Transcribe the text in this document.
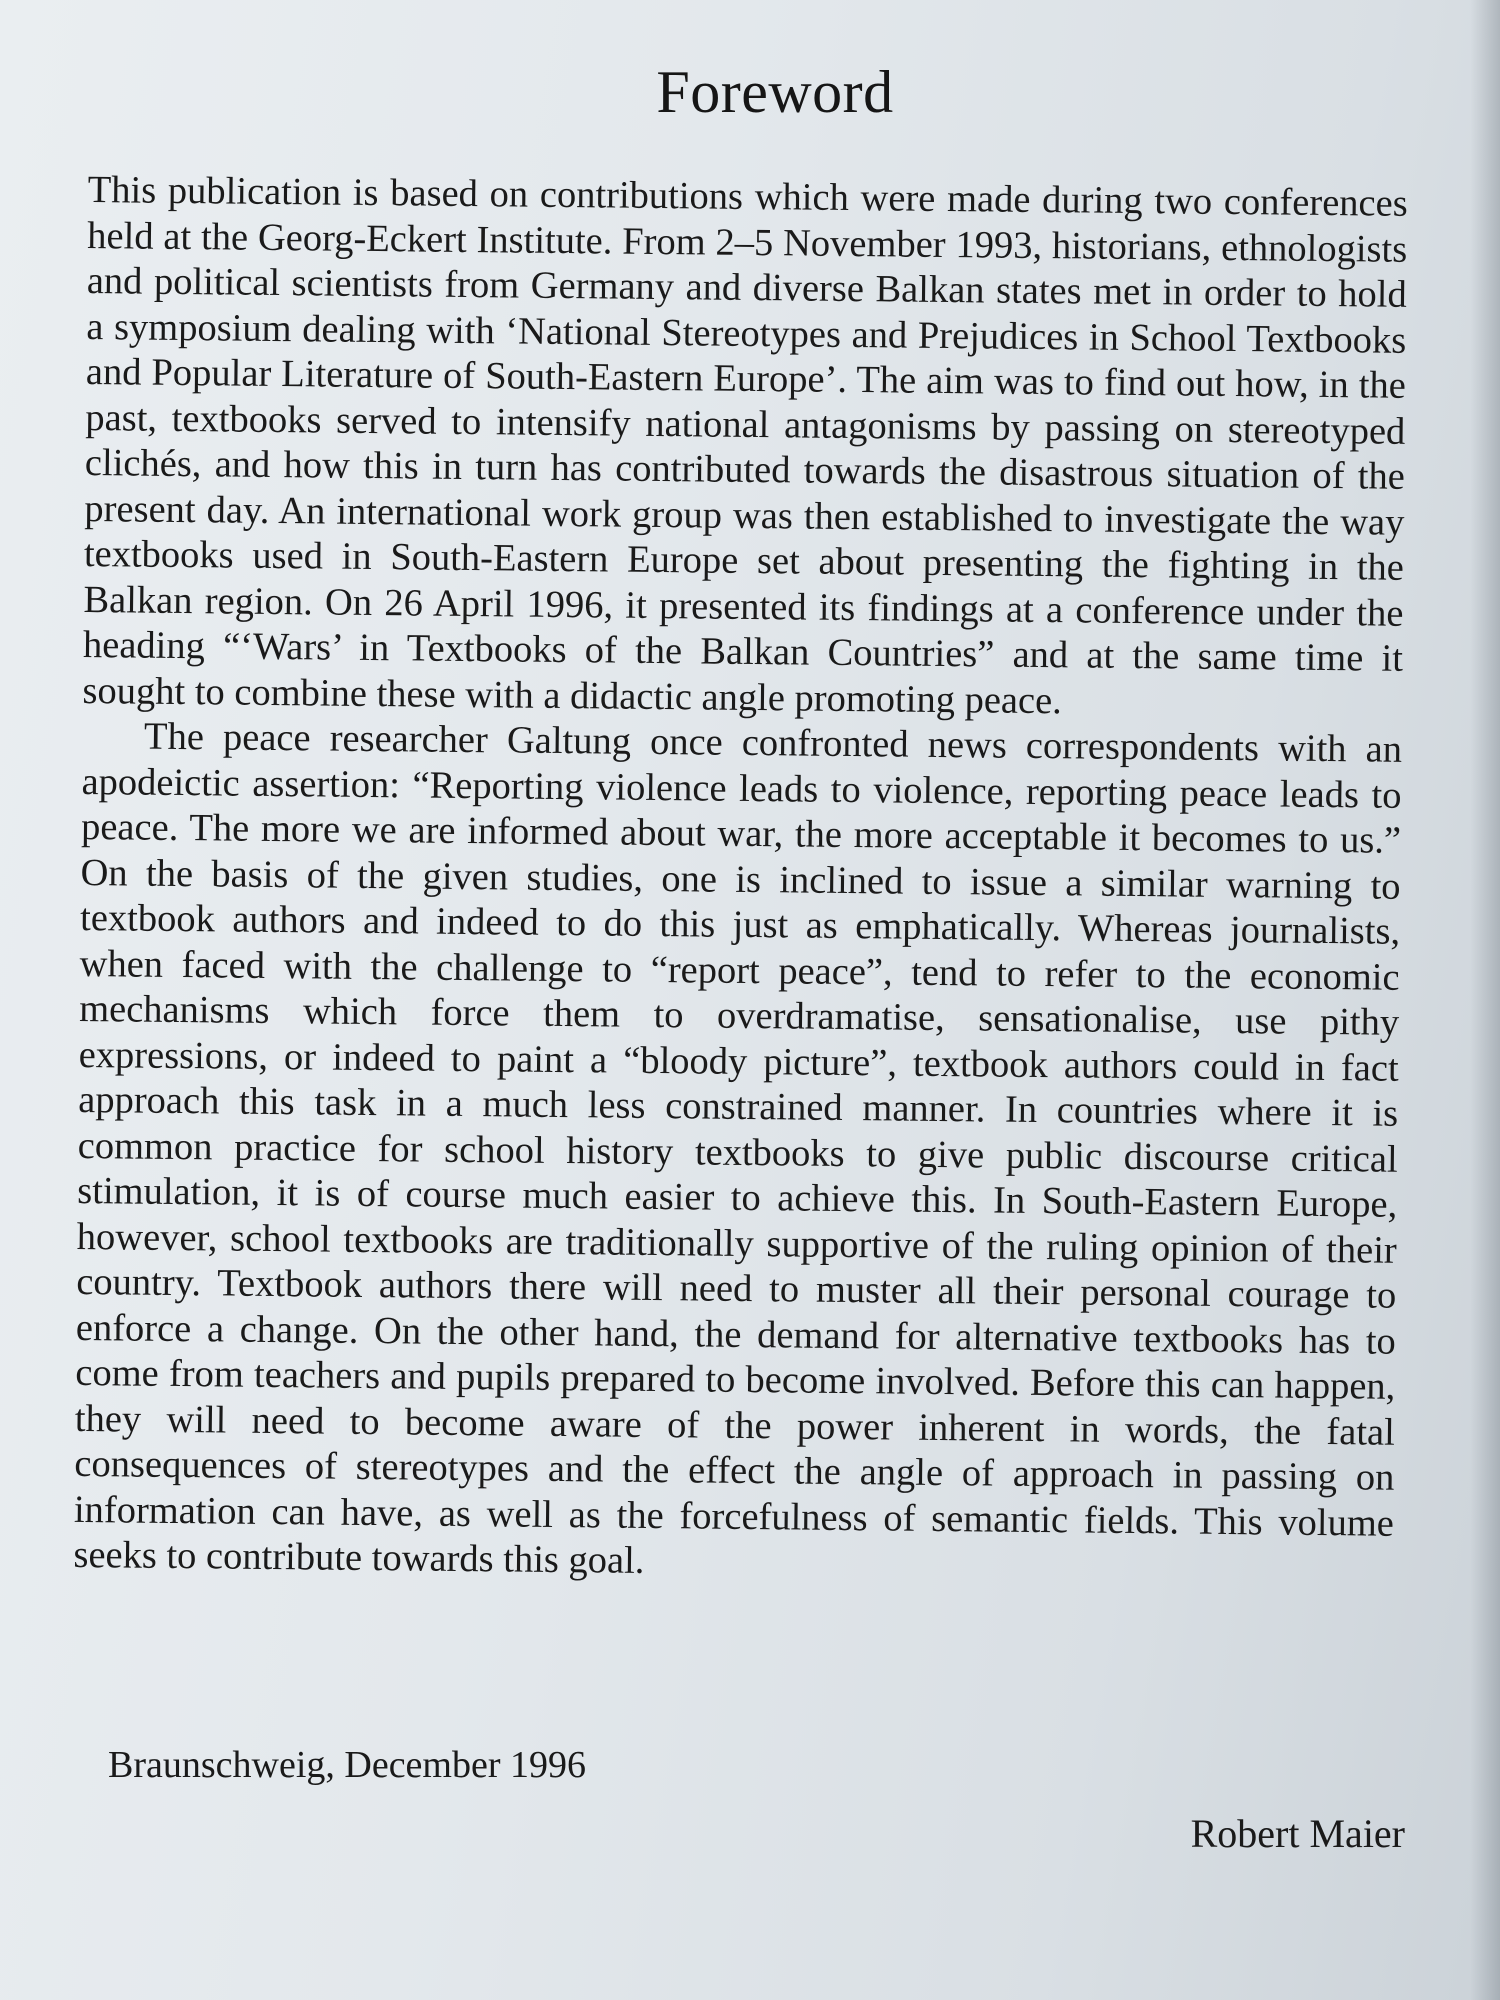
Foreword

This publication is based on contributions which were made during two conferences held at the Georg-Eckert Institute. From 2–5 November 1993, historians, ethnologists and political scientists from Germany and diverse Balkan states met in order to hold a symposium dealing with ‘National Stereotypes and Prejudices in School Textbooks and Popular Literature of South-Eastern Europe’. The aim was to find out how, in the past, textbooks served to intensify national antagonisms by passing on stereotyped clichés, and how this in turn has contributed towards the disastrous situation of the present day. An international work group was then established to investigate the way textbooks used in South-Eastern Europe set about presenting the fighting in the Balkan region. On 26 April 1996, it presented its findings at a conference under the heading “‘Wars’ in Textbooks of the Balkan Countries” and at the same time it sought to combine these with a didactic angle promoting peace.

The peace researcher Galtung once confronted news correspondents with an apodeictic assertion: “Reporting violence leads to violence, reporting peace leads to peace. The more we are informed about war, the more acceptable it becomes to us.” On the basis of the given studies, one is inclined to issue a similar warning to textbook authors and indeed to do this just as emphatically. Whereas journalists, when faced with the challenge to “report peace”, tend to refer to the economic mechanisms which force them to overdramatise, sensationalise, use pithy expressions, or indeed to paint a “bloody picture”, textbook authors could in fact approach this task in a much less constrained manner. In countries where it is common practice for school history textbooks to give public discourse critical stimulation, it is of course much easier to achieve this. In South-Eastern Europe, however, school textbooks are traditionally supportive of the ruling opinion of their country. Textbook authors there will need to muster all their personal courage to enforce a change. On the other hand, the demand for alternative textbooks has to come from teachers and pupils prepared to become involved. Before this can happen, they will need to become aware of the power inherent in words, the fatal consequences of stereotypes and the effect the angle of approach in passing on information can have, as well as the forcefulness of semantic fields. This volume seeks to contribute towards this goal.

Braunschweig, December 1996
Robert Maier
